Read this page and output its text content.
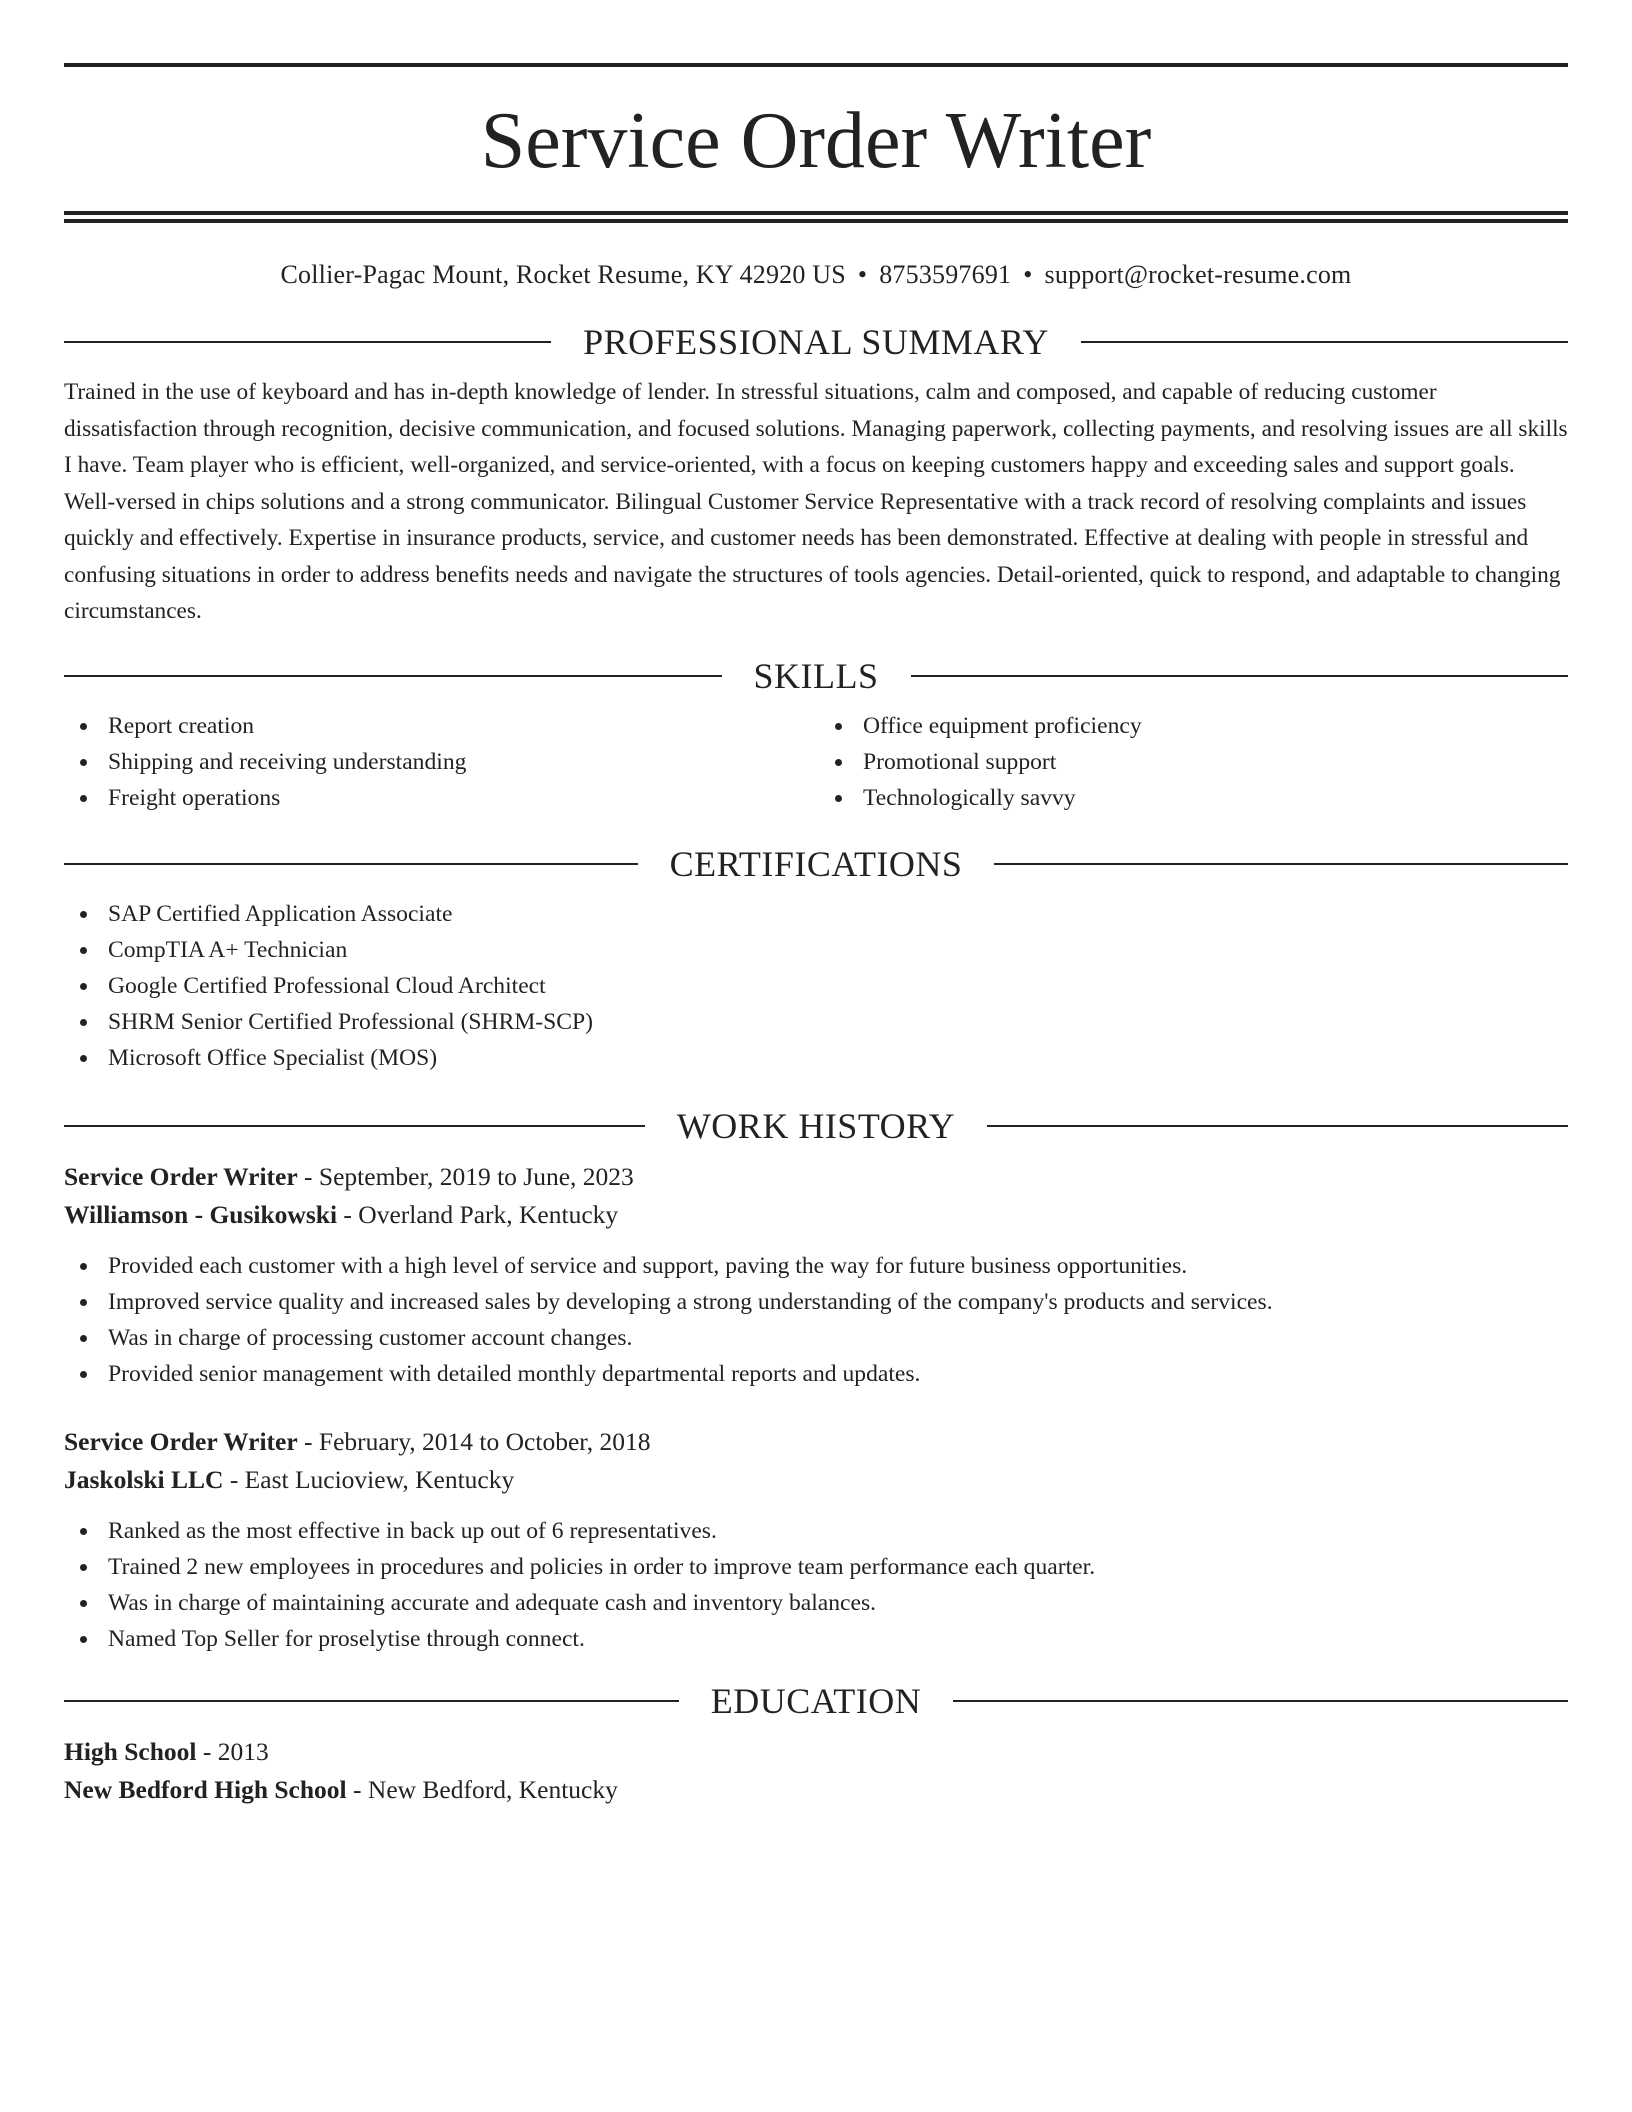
Service Order Writer
Collier-Pagac Mount, Rocket Resume, KY 42920 US • 8753597691 • support@rocket-resume.com
PROFESSIONAL SUMMARY

Trained in the use of keyboard and has in-depth knowledge of lender. In stressful situations, calm and composed, and capable of reducing customer dissatisfaction through recognition, decisive communication, and focused solutions. Managing paperwork, collecting payments, and resolving issues are all skills I have. Team player who is efficient, well-organized, and service-oriented, with a focus on keeping customers happy and exceeding sales and support goals. Well-versed in chips solutions and a strong communicator. Bilingual Customer Service Representative with a track record of resolving complaints and issues quickly and effectively. Expertise in insurance products, service, and customer needs has been demonstrated. Effective at dealing with people in stressful and confusing situations in order to address benefits needs and navigate the structures of tools agencies. Detail-oriented, quick to respond, and adaptable to changing circumstances.

SKILLS
Report creation
Shipping and receiving understanding
Freight operations
Office equipment proficiency
Promotional support
Technologically savvy
CERTIFICATIONS
SAP Certified Application Associate
CompTIA A+ Technician
Google Certified Professional Cloud Architect
SHRM Senior Certified Professional (SHRM-SCP)
Microsoft Office Specialist (MOS)
WORK HISTORY
Service Order Writer - September, 2019 to June, 2023
Williamson - Gusikowski - Overland Park, Kentucky
Provided each customer with a high level of service and support, paving the way for future business opportunities.
Improved service quality and increased sales by developing a strong understanding of the company's products and services.
Was in charge of processing customer account changes.
Provided senior management with detailed monthly departmental reports and updates.
Service Order Writer - February, 2014 to October, 2018
Jaskolski LLC - East Lucioview, Kentucky
Ranked as the most effective in back up out of 6 representatives.
Trained 2 new employees in procedures and policies in order to improve team performance each quarter.
Was in charge of maintaining accurate and adequate cash and inventory balances.
Named Top Seller for proselytise through connect.
EDUCATION
High School - 2013
New Bedford High School - New Bedford, Kentucky
